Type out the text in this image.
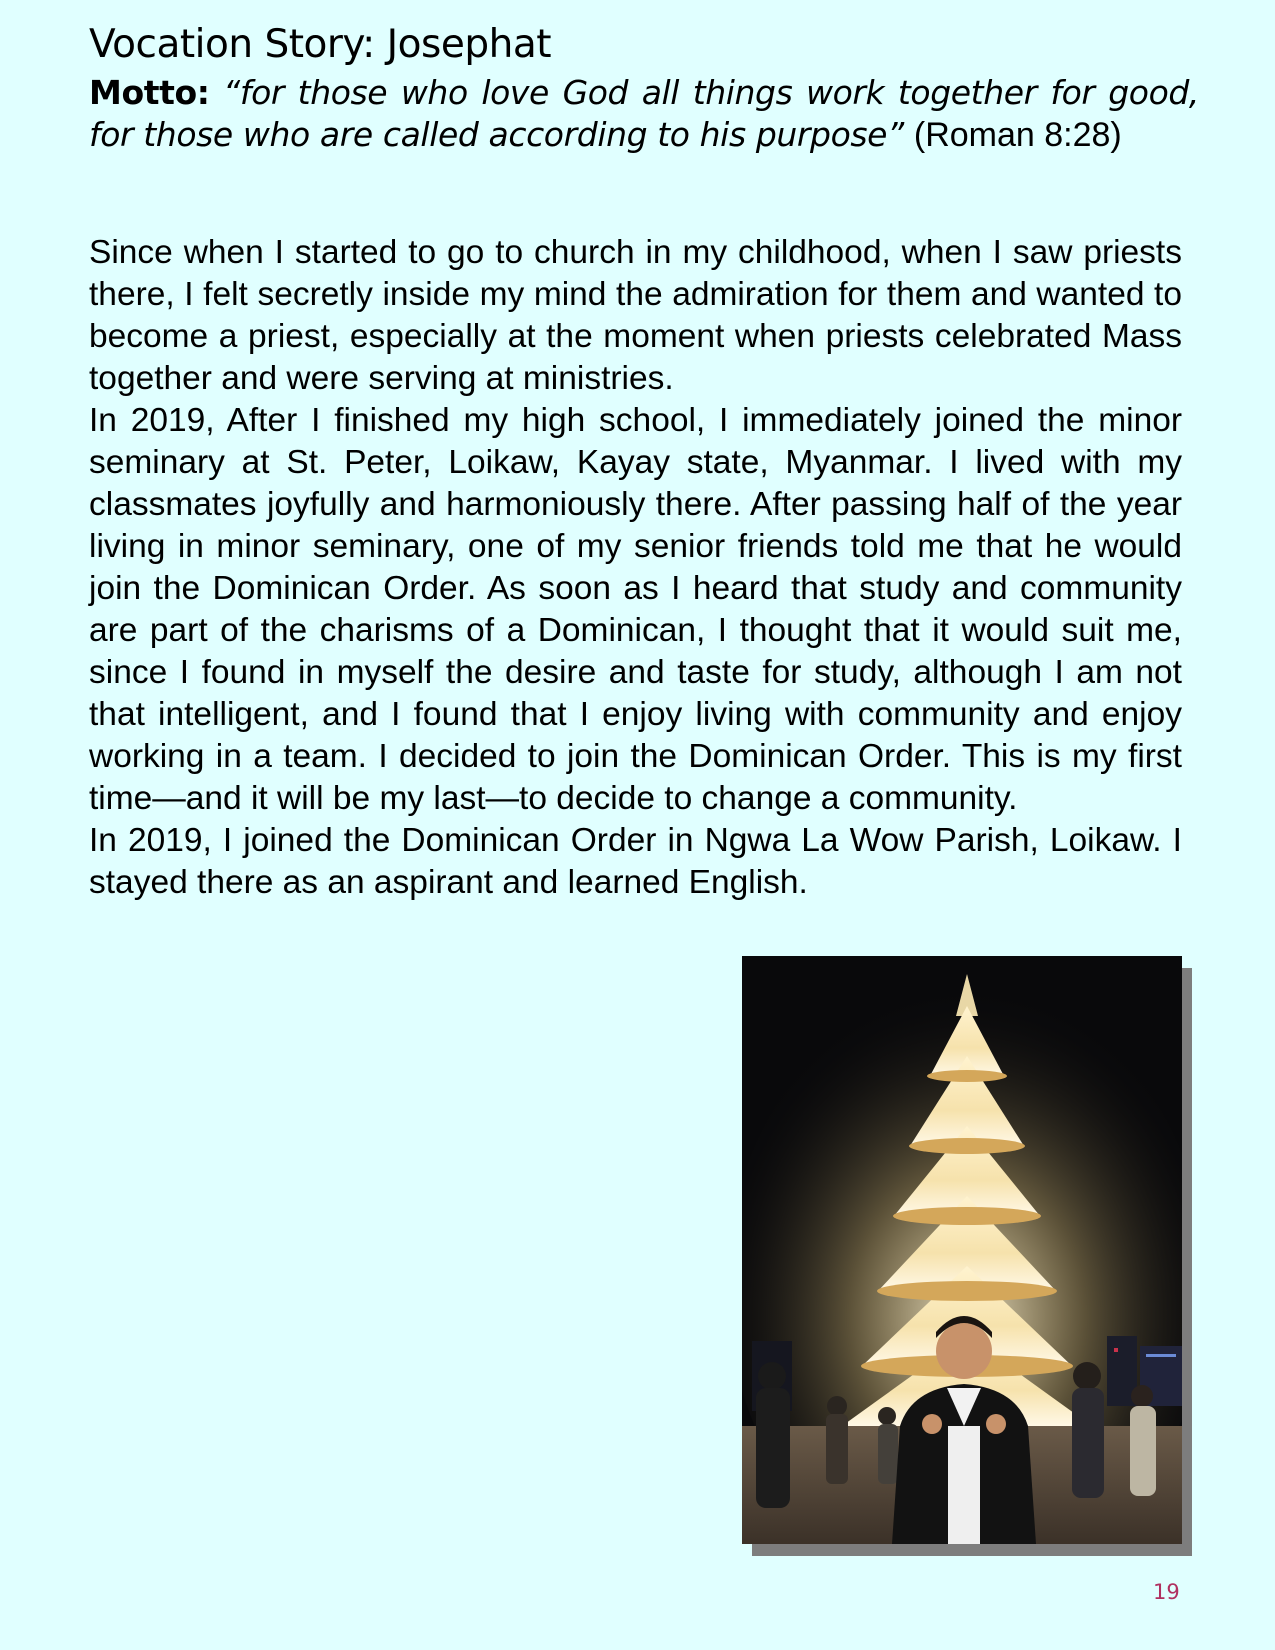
Vocation Story: Josephat
Motto: “for those who love God all things work together for good, for those who are called according to his purpose” (Roman 8:28)

Since when I started to go to church in my childhood, when I saw priests there, I felt secretly inside my mind the admiration for them and wanted to become a priest, especially at the moment when priests celebrated Mass together and were serving at ministries.

In 2019, After I finished my high school, I immediately joined the minor seminary at St. Peter, Loikaw, Kayay state, Myanmar. I lived with my classmates joyfully and harmoniously there. After passing half of the year living in minor seminary, one of my senior friends told me that he would join the Dominican Order. As soon as I heard that study and community are part of the charisms of a Dominican, I thought that it would suit me, since I found in myself the desire and taste for study, although I am not that intelligent, and I found that I enjoy living with community and enjoy working in a team. I decided to join the Dominican Order. This is my first time—and it will be my last—to decide to change a community.

In 2019, I joined the Dominican Order in Ngwa La Wow Parish, Loikaw. I stayed there as an aspirant and learned English.

19
